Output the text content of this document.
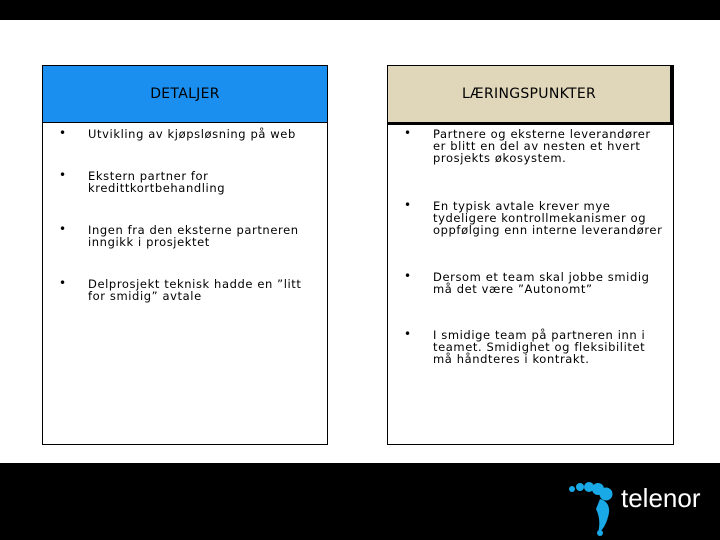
DETALJER
• Utvikling av kjøpsløsning på web
• Ekstern partner for kredittkortbehandling
• Ingen fra den eksterne partneren inngikk i prosjektet
• Delprosjekt teknisk hadde en ”litt for smidig” avtale
LÆRINGSPUNKTER
• Partnere og eksterne leverandører er blitt en del av nesten et hvert prosjekts økosystem.
• En typisk avtale krever mye tydeligere kontrollmekanismer og oppfølging enn interne leverandører
• Dersom et team skal jobbe smidig må det være ”Autonomt”
• I smidige team på partneren inn i teamet. Smidighet og fleksibilitet må håndteres i kontrakt.
telenor
